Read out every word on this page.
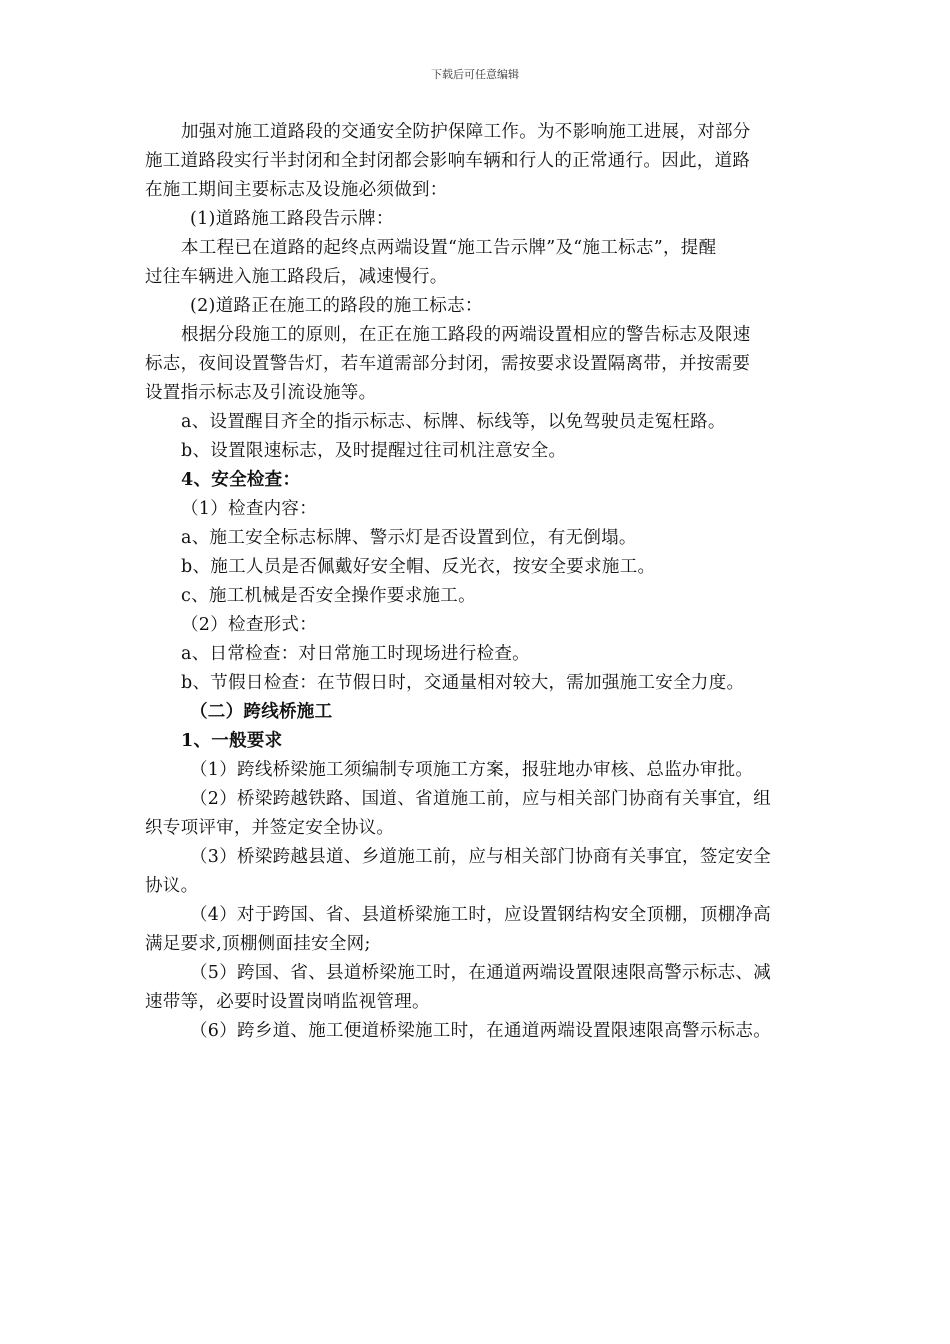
下载后可任意编辑
加强对施工道路段的交通安全防护保障工作。为不影响施工进展，对部分
施工道路段实行半封闭和全封闭都会影响车辆和行人的正常通行。因此，道路
在施工期间主要标志及设施必须做到：
(1)道路施工路段告示牌：
本工程已在道路的起终点两端设置“施工告示牌”及“施工标志”，提醒
过往车辆进入施工路段后，减速慢行。
(2)道路正在施工的路段的施工标志：
根据分段施工的原则，在正在施工路段的两端设置相应的警告标志及限速
标志，夜间设置警告灯，若车道需部分封闭，需按要求设置隔离带，并按需要
设置指示标志及引流设施等。
a、设置醒目齐全的指示标志、标牌、标线等，以免驾驶员走冤枉路。
b、设置限速标志，及时提醒过往司机注意安全。
4、安全检查：
（1）检查内容：
a、施工安全标志标牌、警示灯是否设置到位，有无倒塌。
b、施工人员是否佩戴好安全帽、反光衣，按安全要求施工。
c、施工机械是否安全操作要求施工。
（2）检查形式：
a、日常检查：对日常施工时现场进行检查。
b、节假日检查：在节假日时，交通量相对较大，需加强施工安全力度。
（二）跨线桥施工
1、一般要求
（1）跨线桥梁施工须编制专项施工方案，报驻地办审核、总监办审批。
（2）桥梁跨越铁路、国道、省道施工前，应与相关部门协商有关事宜，组
织专项评审，并签定安全协议。
（3）桥梁跨越县道、乡道施工前，应与相关部门协商有关事宜，签定安全
协议。
（4）对于跨国、省、县道桥梁施工时，应设置钢结构安全顶棚，顶棚净高
满足要求,顶棚侧面挂安全网;
（5）跨国、省、县道桥梁施工时，在通道两端设置限速限高警示标志、减
速带等，必要时设置岗哨监视管理。
（6）跨乡道、施工便道桥梁施工时，在通道两端设置限速限高警示标志。
